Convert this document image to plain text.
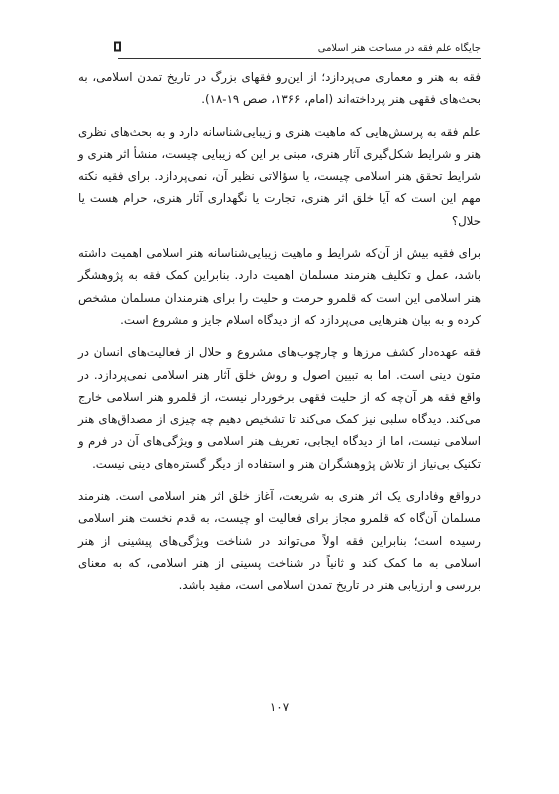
جایگاه علم فقه در مساحت هنر اسلامی

فقه به هنر و معماری می‌پردازد؛ از این‌رو فقهای بزرگ در تاریخ تمدن اسلامی، به بحث‌های فقهی هنر پرداخته‌اند (امام، ۱۳۶۶، صص ۱۹-۱۸).

علم فقه به پرسش‌هایی که ماهیت هنری و زیبایی‌شناسانه دارد و به بحث‌های نظری هنر و شرایط شکل‌گیری آثار هنری، مبنی بر این که زیبایی چیست، منشأ اثر هنری و شرایط تحقق هنر اسلامی چیست، یا سؤالاتی نظیر آن، نمی‌پردازد. برای فقیه نکته مهم این است که آیا خلق اثر هنری، تجارت یا نگهداری آثار هنری، حرام هست یا حلال؟

برای فقیه بیش از آن‌که شرایط و ماهیت زیبایی‌شناسانه هنر اسلامی اهمیت داشته باشد، عمل و تکلیف هنرمند مسلمان اهمیت دارد. بنابراین کمک فقه به پژوهشگر هنر اسلامی این است که قلمرو حرمت و حلیت را برای هنرمندان مسلمان مشخص کرده و به بیان هنرهایی می‌پردازد که از دیدگاه اسلام جایز و مشروع است.

فقه عهده‌دار کشف مرزها و چارچوب‌های مشروع و حلال از فعالیت‌های انسان در متون دینی است. اما به تبیین اصول و روش خلق آثار هنر اسلامی نمی‌پردازد. در واقع فقه هر آن‌چه که از حلیت فقهی برخوردار نیست، از قلمرو هنر اسلامی خارج می‌کند. دیدگاه سلبی نیز کمک می‌کند تا تشخیص دهیم چه چیزی از مصداق‌های هنر اسلامی نیست، اما از دیدگاه ایجابی، تعریف هنر اسلامی و ویژگی‌های آن در فرم و تکنیک بی‌نیاز از تلاش پژوهشگران هنر و استفاده از دیگر گستره‌های دینی نیست.

درواقع وفاداری یک اثر هنری به شریعت، آغاز خلق اثر هنر اسلامی است. هنرمند مسلمان آن‌گاه که قلمرو مجاز برای فعالیت او چیست، به قدم نخست هنر اسلامی رسیده است؛ بنابراین فقه اولاً می‌تواند در شناخت ویژگی‌های پیشینی از هنر اسلامی به ما کمک کند و ثانیاً در شناخت پسینی از هنر اسلامی، که به معنای بررسی و ارزیابی هنر در تاریخ تمدن اسلامی است، مفید باشد.

۱۰۷
